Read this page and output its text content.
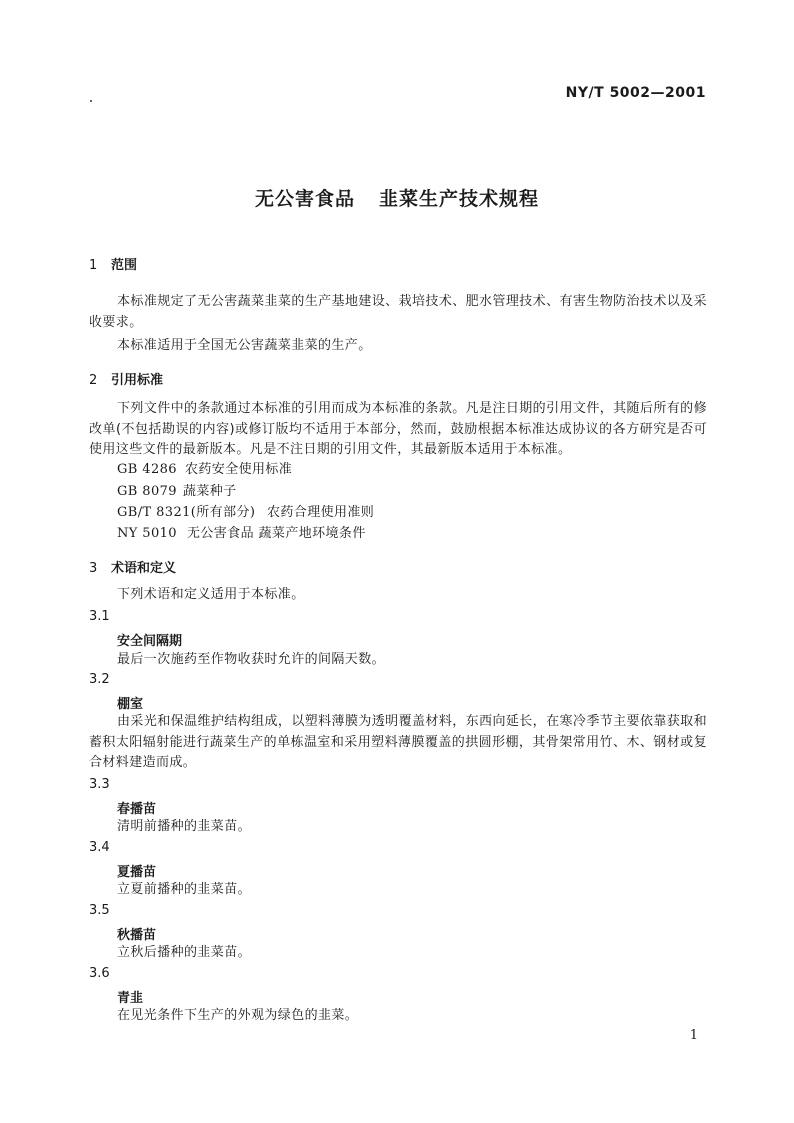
NY/T 5002—2001
无公害食品 韭菜生产技术规程
1 范围

本标准规定了无公害蔬菜韭菜的生产基地建设、栽培技术、肥水管理技术、有害生物防治技术以及采收要求。

本标准适用于全国无公害蔬菜韭菜的生产。

2 引用标准

下列文件中的条款通过本标准的引用而成为本标准的条款。凡是注日期的引用文件，其随后所有的修改单(不包括勘误的内容)或修订版均不适用于本部分，然而，鼓励根据本标准达成协议的各方研究是否可使用这些文件的最新版本。凡是不注日期的引用文件，其最新版本适用于本标准。

GB 4286 农药安全使用标准
GB 8079 蔬菜种子
GB/T 8321(所有部分) 农药合理使用准则
NY 5010 无公害食品 蔬菜产地环境条件
3 术语和定义

下列术语和定义适用于本标准。

3.1
安全间隔期

最后一次施药至作物收获时允许的间隔天数。

3.2
棚室

由采光和保温维护结构组成，以塑料薄膜为透明覆盖材料，东西向延长，在寒冷季节主要依靠获取和蓄积太阳辐射能进行蔬菜生产的单栋温室和采用塑料薄膜覆盖的拱圆形棚，其骨架常用竹、木、钢材或复合材料建造而成。

3.3
春播苗

清明前播种的韭菜苗。

3.4
夏播苗

立夏前播种的韭菜苗。

3.5
秋播苗

立秋后播种的韭菜苗。

3.6
青韭

在见光条件下生产的外观为绿色的韭菜。

1
